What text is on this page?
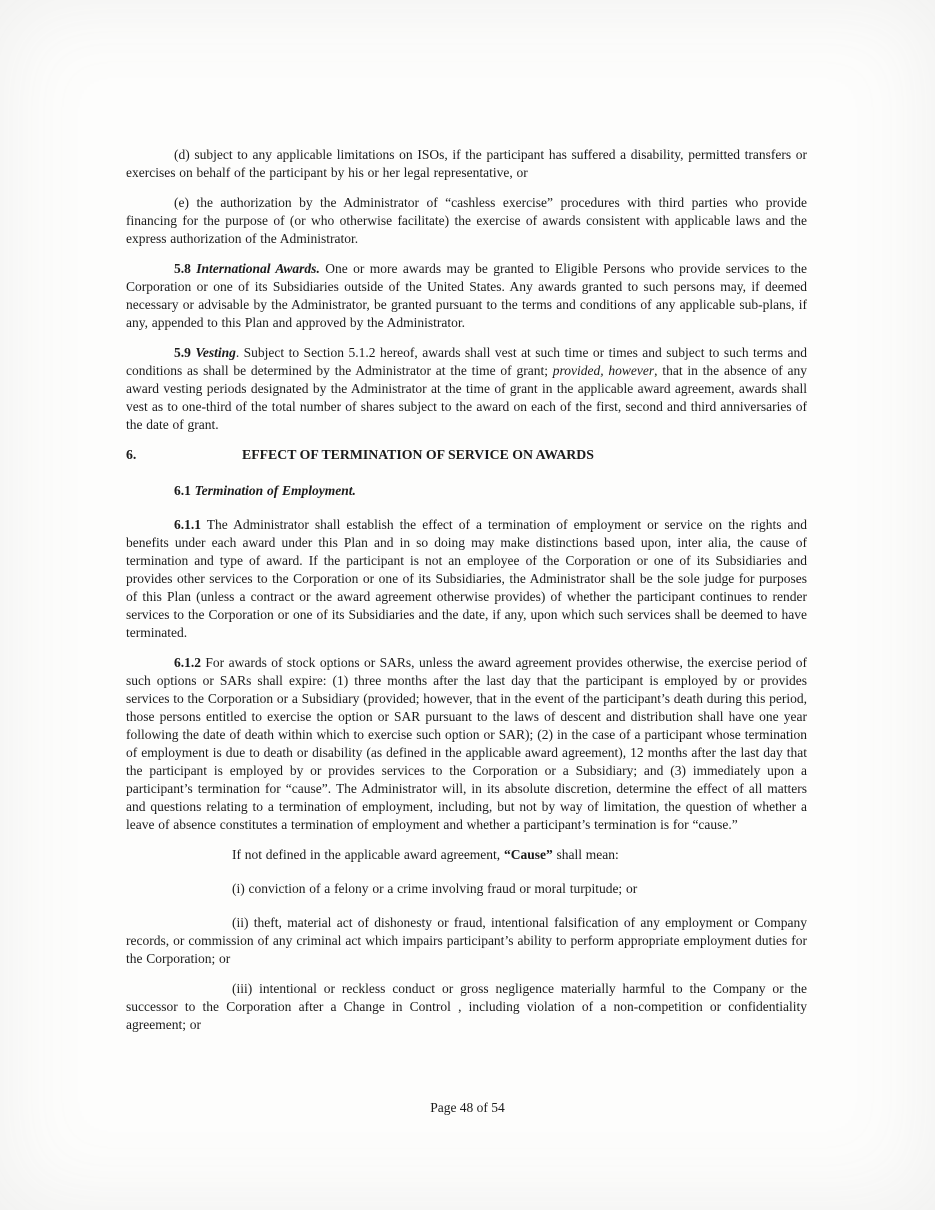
(d) subject to any applicable limitations on ISOs, if the participant has suffered a disability, permitted transfers or exercises on behalf of the participant by his or her legal representative, or

(e) the authorization by the Administrator of “cashless exercise” procedures with third parties who provide financing for the purpose of (or who otherwise facilitate) the exercise of awards consistent with applicable laws and the express authorization of the Administrator.

5.8 International Awards. One or more awards may be granted to Eligible Persons who provide services to the Corporation or one of its Subsidiaries outside of the United States. Any awards granted to such persons may, if deemed necessary or advisable by the Administrator, be granted pursuant to the terms and conditions of any applicable sub-plans, if any, appended to this Plan and approved by the Administrator.

5.9 Vesting. Subject to Section 5.1.2 hereof, awards shall vest at such time or times and subject to such terms and conditions as shall be determined by the Administrator at the time of grant; provided, however, that in the absence of any award vesting periods designated by the Administrator at the time of grant in the applicable award agreement, awards shall vest as to one-third of the total number of shares subject to the award on each of the first, second and third anniversaries of the date of grant.

6.	EFFECT OF TERMINATION OF SERVICE ON AWARDS

6.1 Termination of Employment.

6.1.1 The Administrator shall establish the effect of a termination of employment or service on the rights and benefits under each award under this Plan and in so doing may make distinctions based upon, inter alia, the cause of termination and type of award. If the participant is not an employee of the Corporation or one of its Subsidiaries and provides other services to the Corporation or one of its Subsidiaries, the Administrator shall be the sole judge for purposes of this Plan (unless a contract or the award agreement otherwise provides) of whether the participant continues to render services to the Corporation or one of its Subsidiaries and the date, if any, upon which such services shall be deemed to have terminated.

6.1.2 For awards of stock options or SARs, unless the award agreement provides otherwise, the exercise period of such options or SARs shall expire: (1) three months after the last day that the participant is employed by or provides services to the Corporation or a Subsidiary (provided; however, that in the event of the participant’s death during this period, those persons entitled to exercise the option or SAR pursuant to the laws of descent and distribution shall have one year following the date of death within which to exercise such option or SAR); (2) in the case of a participant whose termination of employment is due to death or disability (as defined in the applicable award agreement), 12 months after the last day that the participant is employed by or provides services to the Corporation or a Subsidiary; and (3) immediately upon a participant’s termination for “cause”. The Administrator will, in its absolute discretion, determine the effect of all matters and questions relating to a termination of employment, including, but not by way of limitation, the question of whether a leave of absence constitutes a termination of employment and whether a participant’s termination is for “cause.”

If not defined in the applicable award agreement, “Cause” shall mean:

(i) conviction of a felony or a crime involving fraud or moral turpitude; or

(ii) theft, material act of dishonesty or fraud, intentional falsification of any employment or Company records, or commission of any criminal act which impairs participant’s ability to perform appropriate employment duties for the Corporation; or

(iii) intentional or reckless conduct or gross negligence materially harmful to the Company or the successor to the Corporation after a Change in Control , including violation of a non-competition or confidentiality agreement; or

Page 48 of 54
